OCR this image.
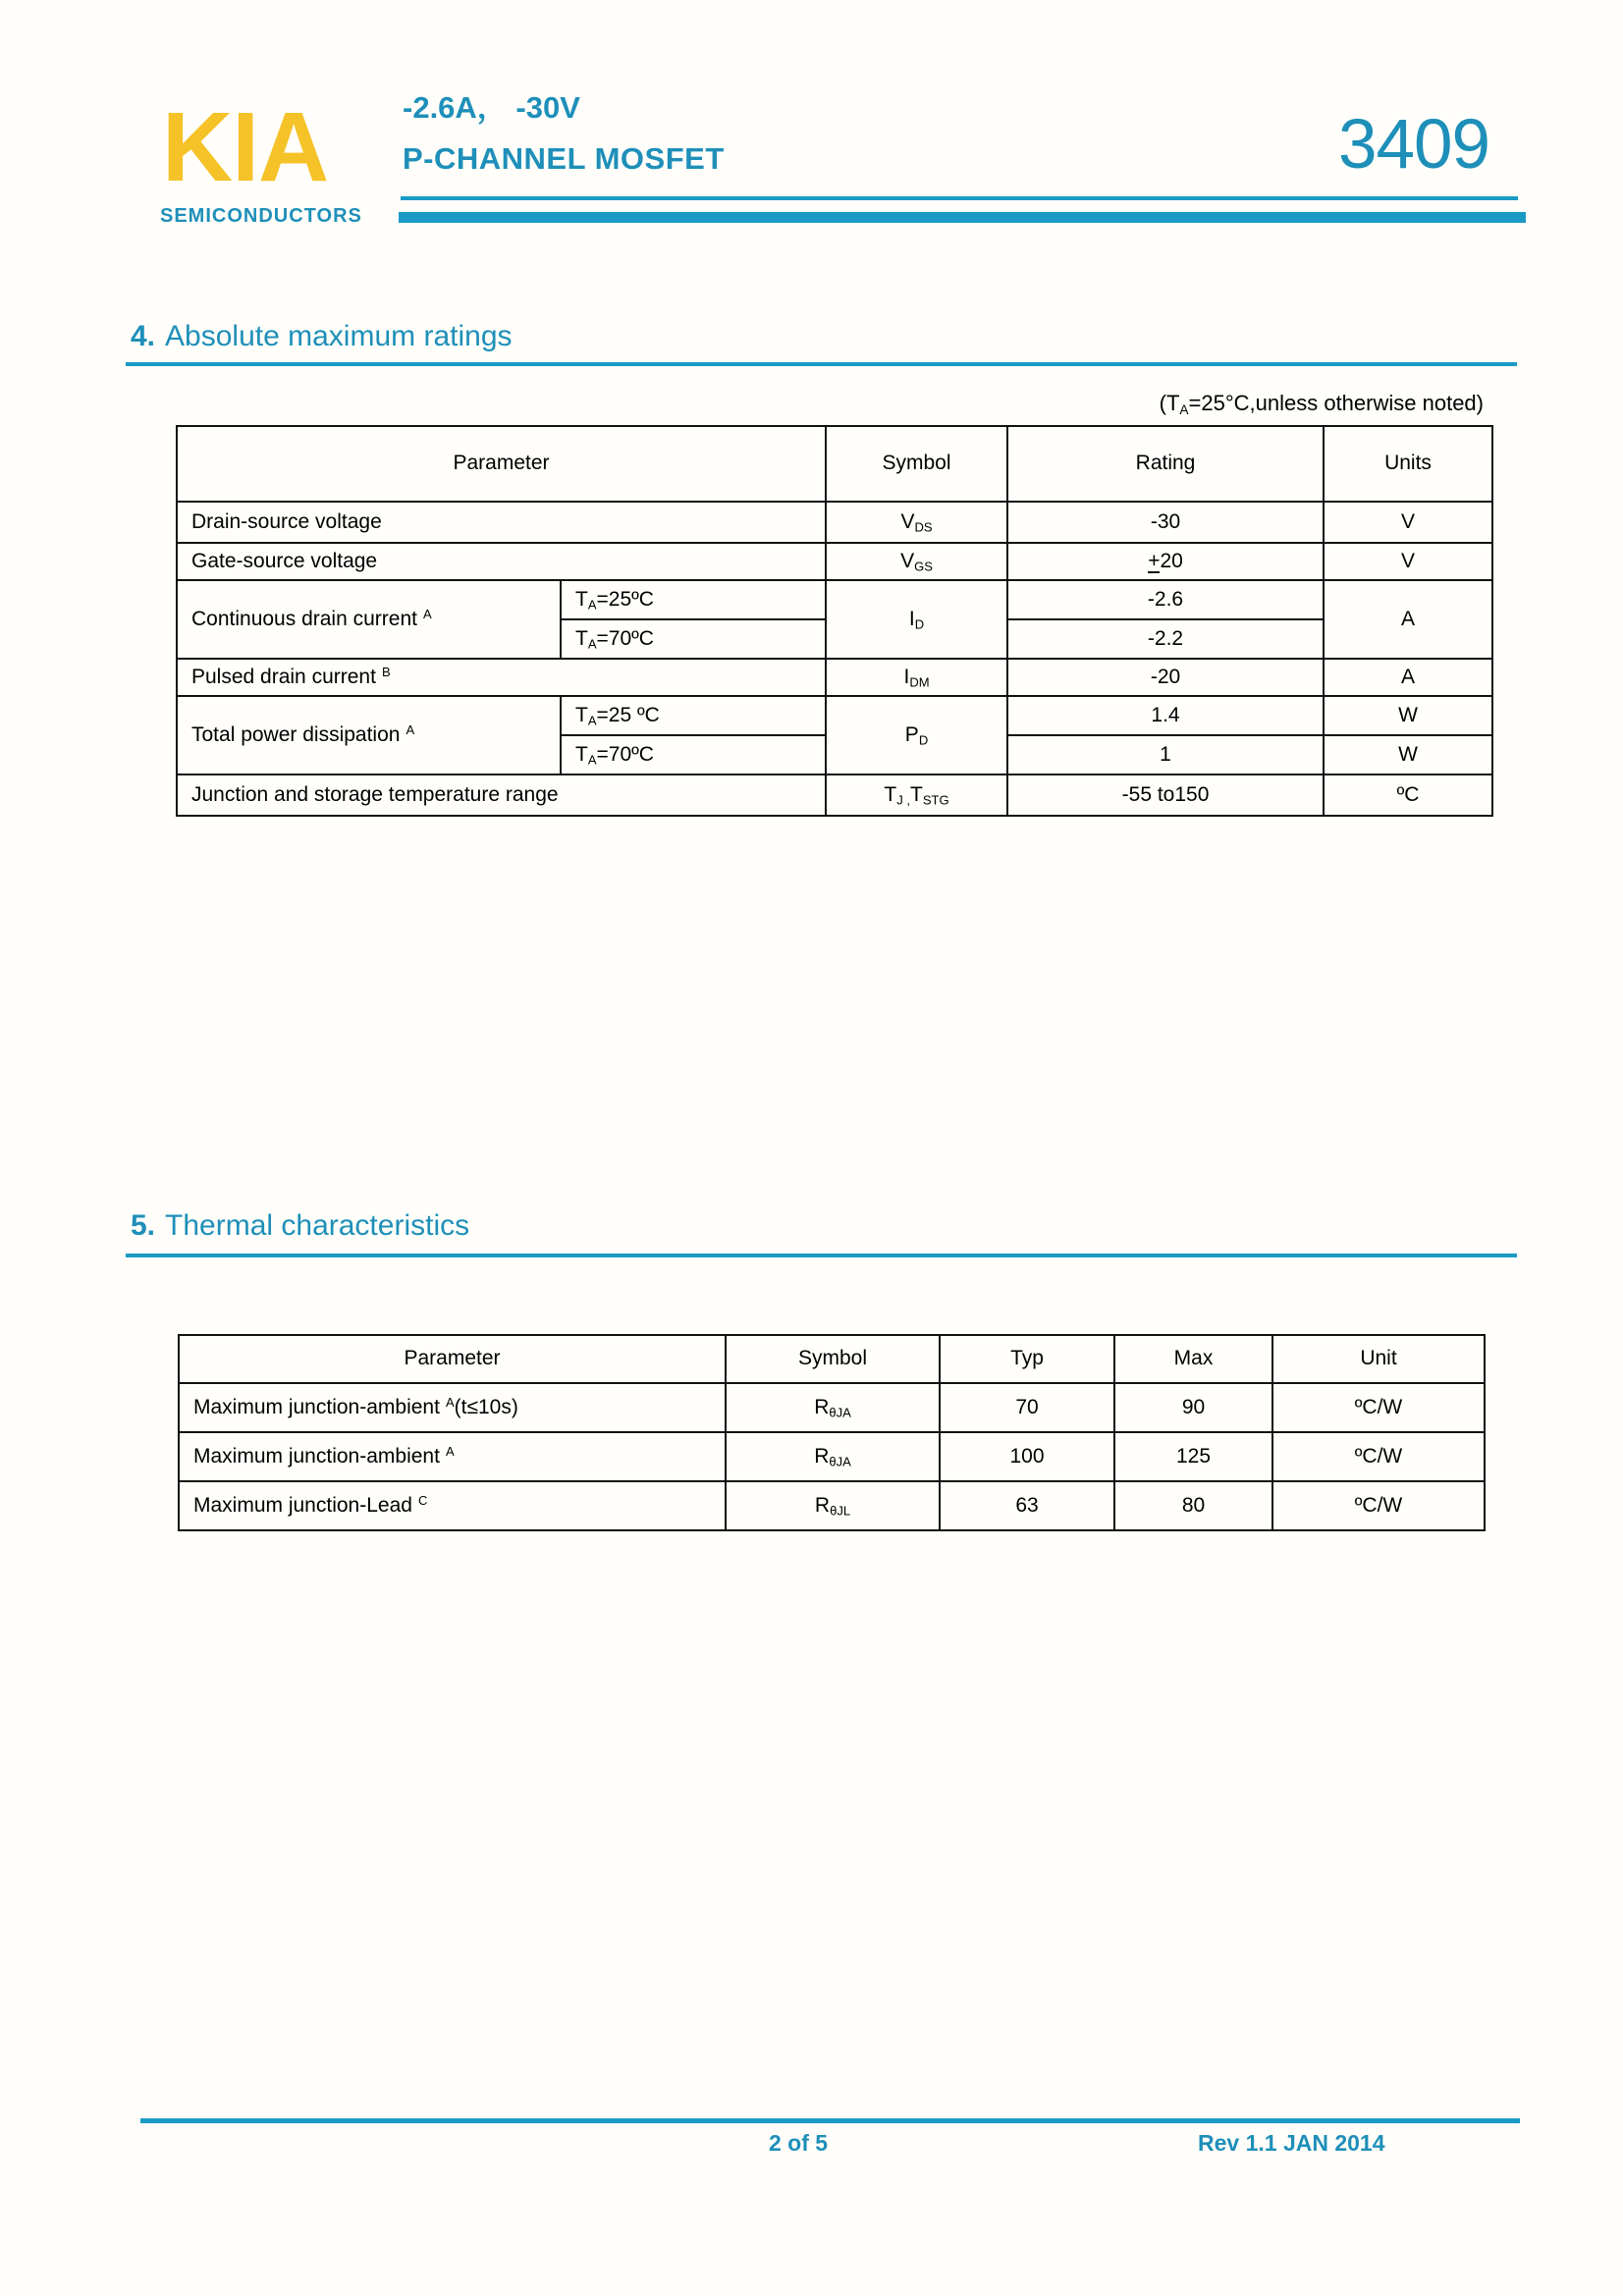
KIA
SEMICONDUCTORS
-2.6A， -30V
P-CHANNEL MOSFET	3409
4. Absolute maximum ratings
($T_A=25^\circ C,unless$ otherwise noted)
Parameter		Symbol	Rating	Units
Drain-source voltage		$V_{DS}$	-30	V
Gate-source voltage		$V_{GS}$	+20	V
Continuous drain current $^A$	$T_A=25ºC$	$I_D$	-2.6	A
	$T_A=70ºC$		-2.2	
Pulsed drain current $^B$		$I_{DM}$	-20	A
Total power dissipation $^A$	$T_A=25$ ºC	$P_D$	1.4	W
	$T_A=70ºC$		1	W
Junction and storage temperature range		$T_{J ,}T_{STG}$	-55 to150	ºC
5. Thermal characteristics
Parameter	Symbol	Typ	Max	Unit
Maximum junction-ambient $^A$(t≤10s)	$R_{\theta JA}$	70	90	ºC/W
Maximum junction-ambient $^A$	$R_{\theta JA}$	100	125	ºC/W
Maximum junction-Lead $^C$	$R_{\theta JL}$	63	80	ºC/W
2 of 5	Rev 1.1 JAN 2014
